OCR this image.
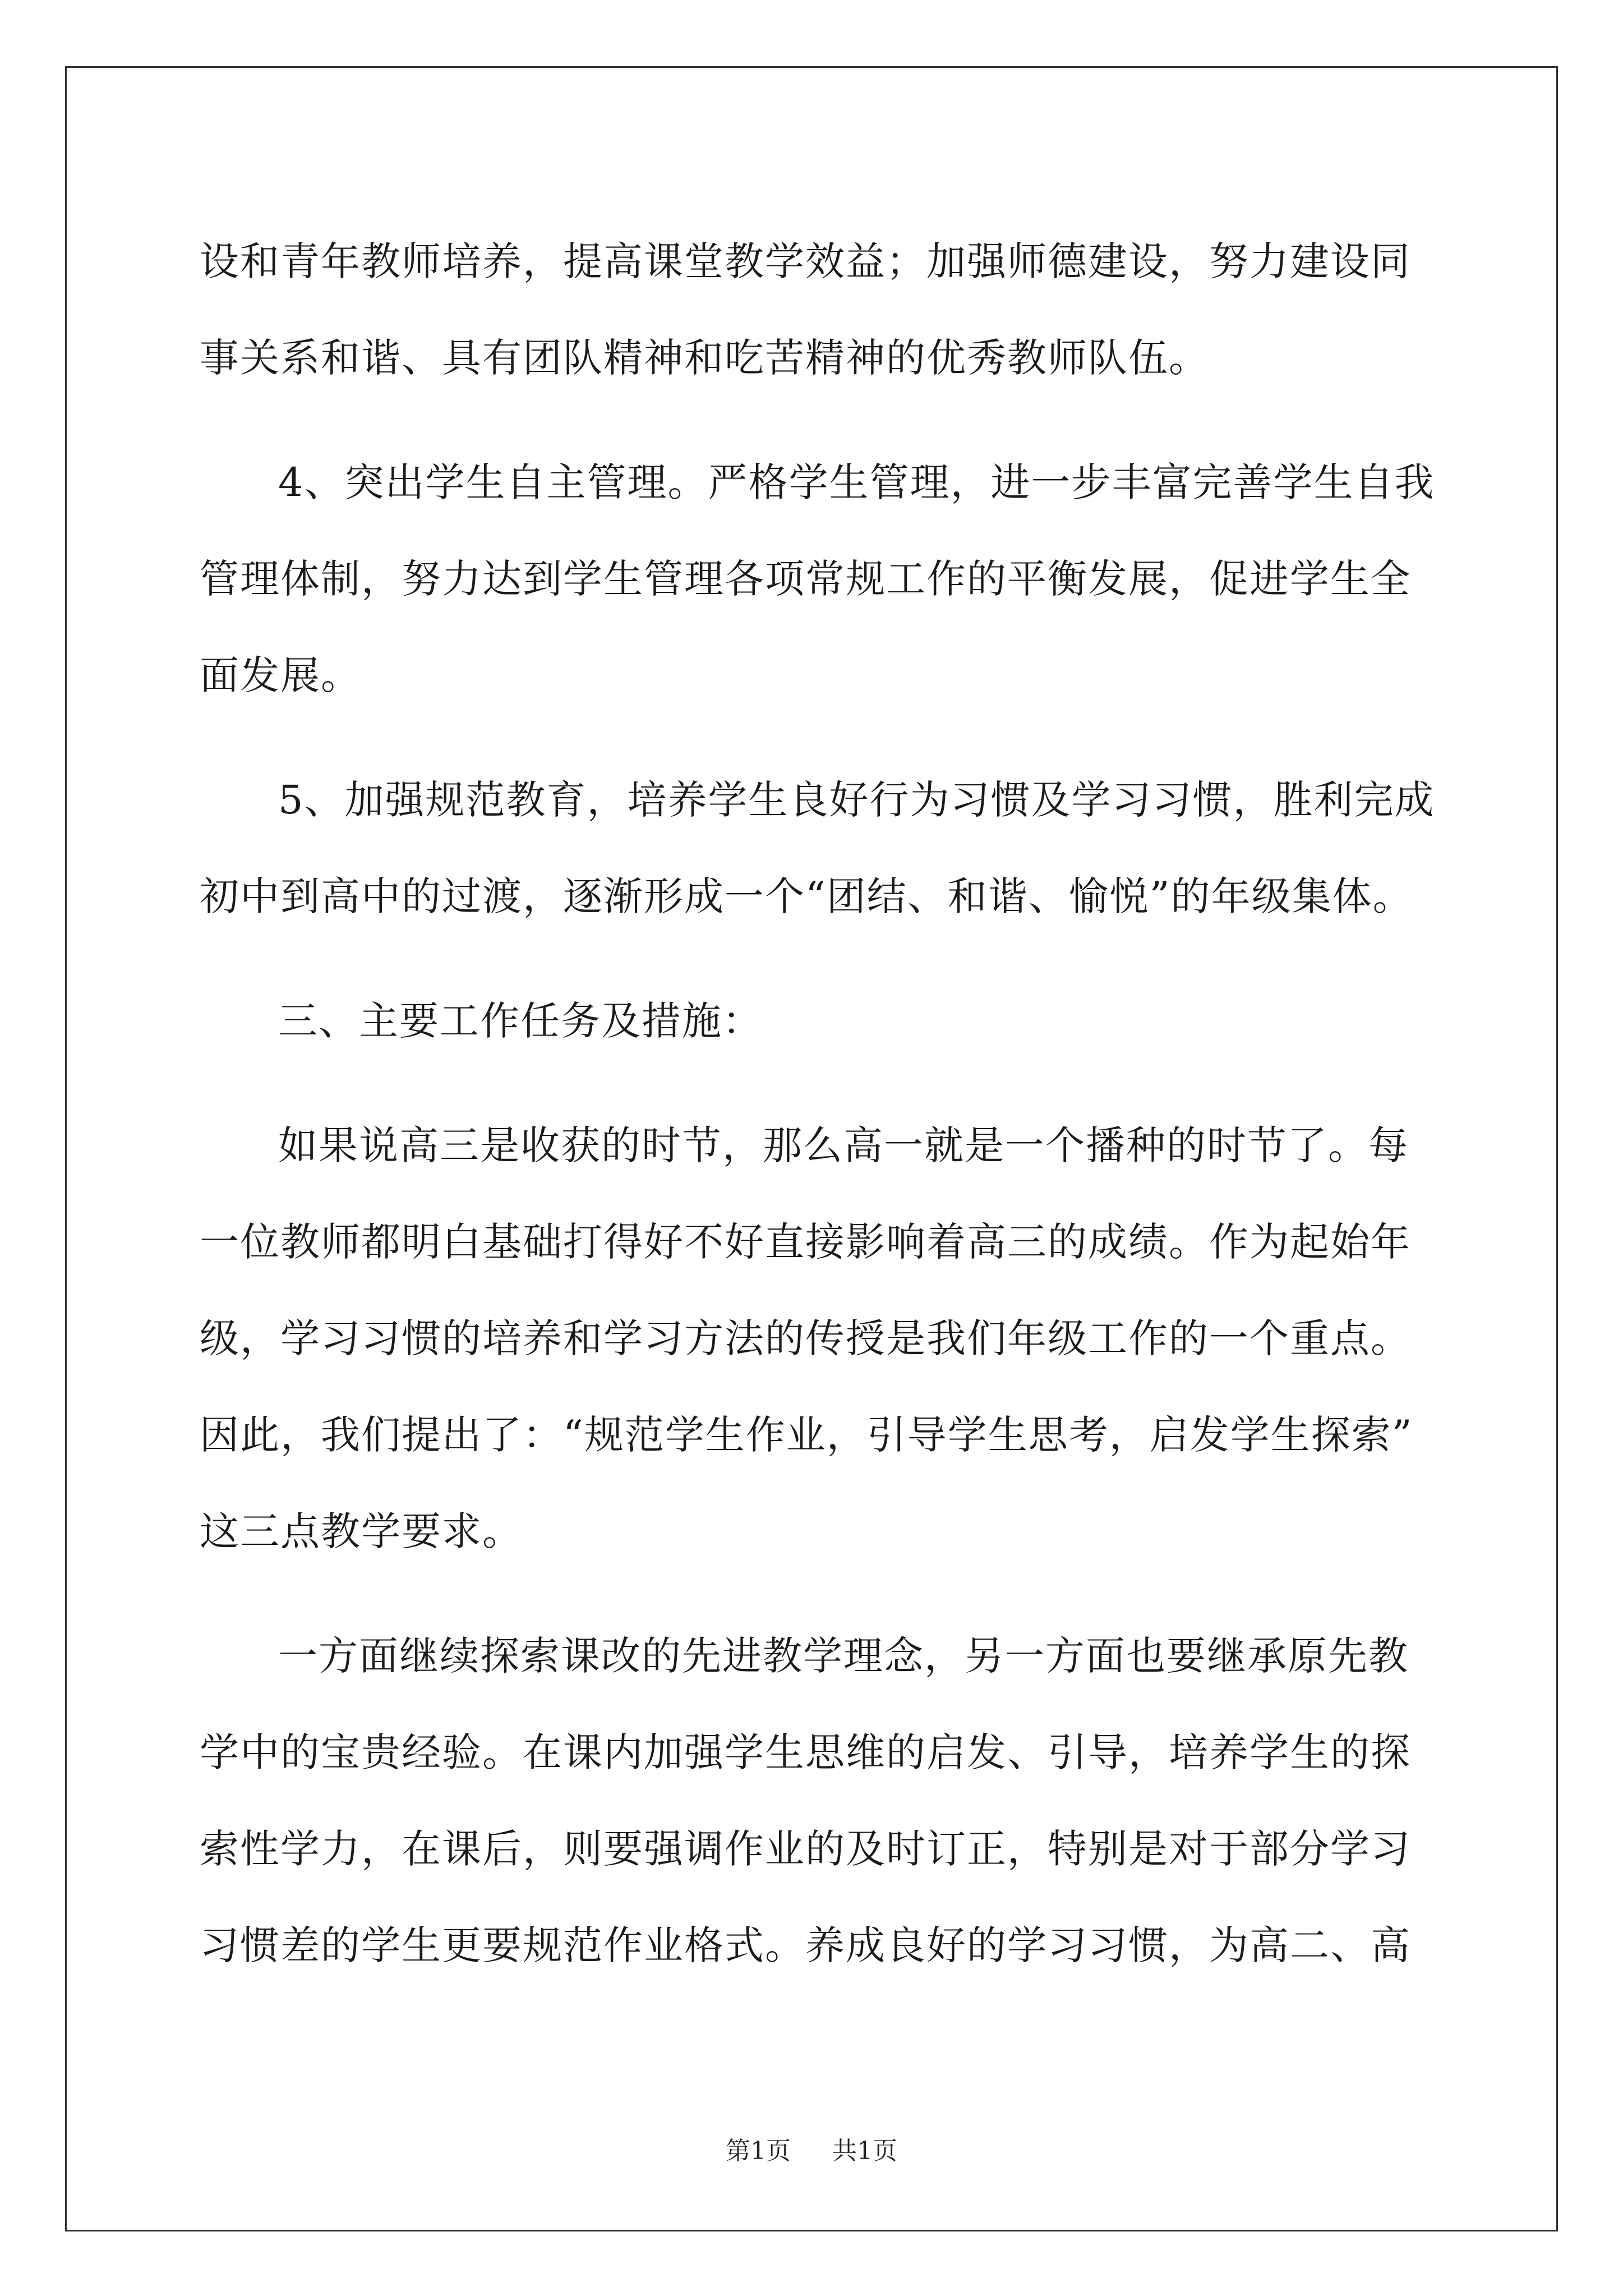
设和青年教师培养，提高课堂教学效益；加强师德建设，努力建设同
事关系和谐、具有团队精神和吃苦精神的优秀教师队伍。
4、突出学生自主管理。严格学生管理，进一步丰富完善学生自我
管理体制，努力达到学生管理各项常规工作的平衡发展，促进学生全
面发展。
5、加强规范教育，培养学生良好行为习惯及学习习惯，胜利完成
初中到高中的过渡，逐渐形成一个“团结、和谐、愉悦”的年级集体。
三、主要工作任务及措施：
如果说高三是收获的时节，那么高一就是一个播种的时节了。每
一位教师都明白基础打得好不好直接影响着高三的成绩。作为起始年
级，学习习惯的培养和学习方法的传授是我们年级工作的一个重点。
因此，我们提出了：“规范学生作业，引导学生思考，启发学生探索”
这三点教学要求。
一方面继续探索课改的先进教学理念，另一方面也要继承原先教
学中的宝贵经验。在课内加强学生思维的启发、引导，培养学生的探
索性学力，在课后，则要强调作业的及时订正，特别是对于部分学习
习惯差的学生更要规范作业格式。养成良好的学习习惯，为高二、高
第1页 共1页
